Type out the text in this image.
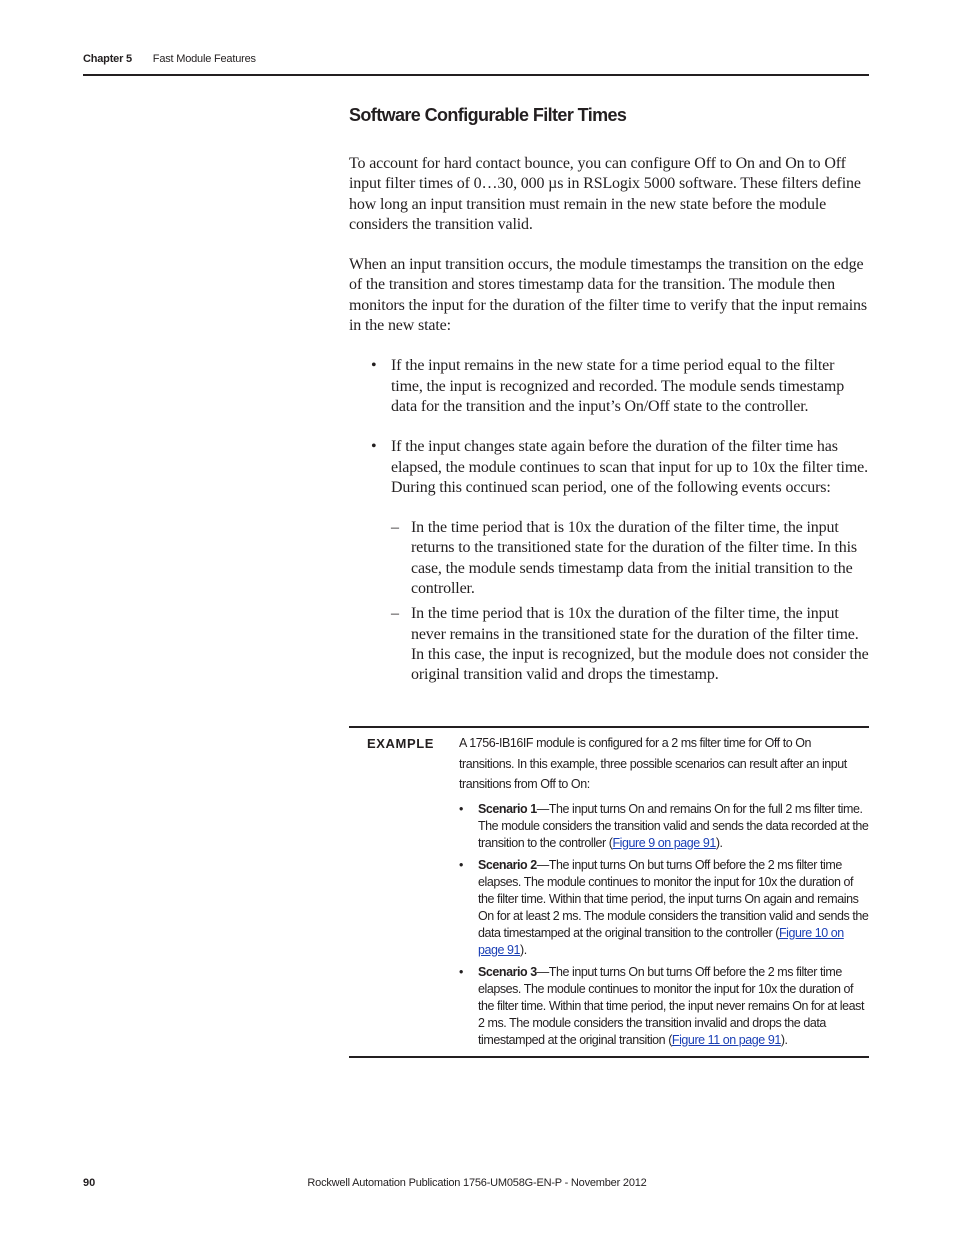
Chapter 5 Fast Module Features
Software Configurable Filter Times

To account for hard contact bounce, you can configure Off to On and On to Off input filter times of 0…30, 000 µs in RSLogix 5000 software. These filters define how long an input transition must remain in the new state before the module considers the transition valid.

When an input transition occurs, the module timestamps the transition on the edge of the transition and stores timestamp data for the transition. The module then monitors the input for the duration of the filter time to verify that the input remains in the new state:

• If the input remains in the new state for a time period equal to the filter time, the input is recognized and recorded. The module sends timestamp data for the transition and the input’s On/Off state to the controller.
• If the input changes state again before the duration of the filter time has elapsed, the module continues to scan that input for up to 10x the filter time. During this continued scan period, one of the following events occurs:
– In the time period that is 10x the duration of the filter time, the input returns to the transitioned state for the duration of the filter time. In this case, the module sends timestamp data from the initial transition to the controller.
– In the time period that is 10x the duration of the filter time, the input never remains in the transitioned state for the duration of the filter time. In this case, the input is recognized, but the module does not consider the original transition valid and drops the timestamp.
EXAMPLE A 1756-IB16IF module is configured for a 2 ms filter time for Off to On transitions. In this example, three possible scenarios can result after an input transitions from Off to On:

• Scenario 1—The input turns On and remains On for the full 2 ms filter time. The module considers the transition valid and sends the data recorded at the transition to the controller (Figure 9 on page 91).
• Scenario 2—The input turns On but turns Off before the 2 ms filter time elapses. The module continues to monitor the input for 10x the duration of the filter time. Within that time period, the input turns On again and remains On for at least 2 ms. The module considers the transition valid and sends the data timestamped at the original transition to the controller (Figure 10 on page 91).
• Scenario 3—The input turns On but turns Off before the 2 ms filter time elapses. The module continues to monitor the input for 10x the duration of the filter time. Within that time period, the input never remains On for at least 2 ms. The module considers the transition invalid and drops the data timestamped at the original transition (Figure 11 on page 91).
90	Rockwell Automation Publication 1756-UM058G-EN-P - November 2012
